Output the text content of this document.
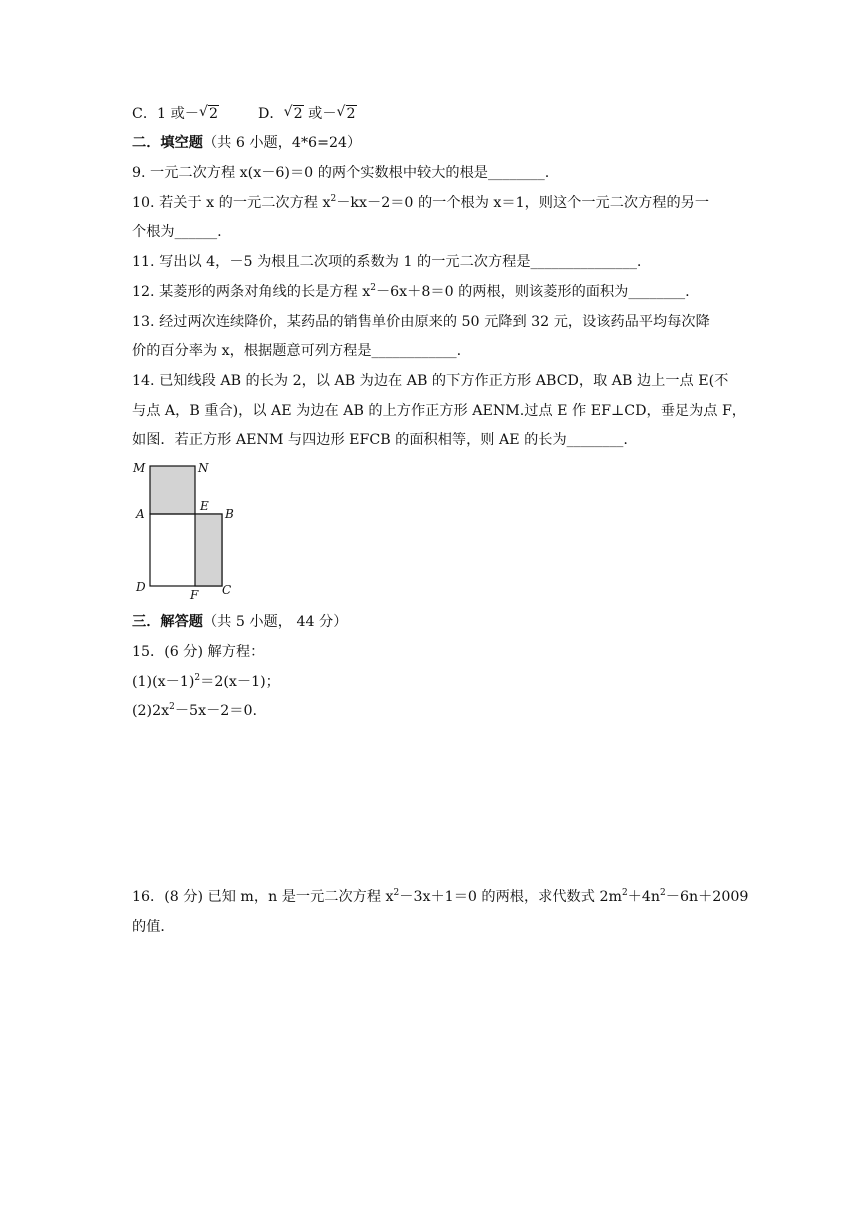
C．1 或－ √ 2	D． √ 2 或－ √ 2
二．填空题（共 6 小题，4*6=24）
9. 一元二次方程 x(x－6)＝0 的两个实数根中较大的根是________.
10. 若关于 x 的一元二次方程 $x^2-kx-2=0$ 的一个根为 x＝1，则这个一元二次方程的另一
个根为______.
11. 写出以 4，－5 为根且二次项的系数为 1 的一元二次方程是_______________.
12. 某菱形的两条对角线的长是方程 $x^2-6x+8=0$ 的两根，则该菱形的面积为________.
13. 经过两次连续降价，某药品的销售单价由原来的 50 元降到 32 元，设该药品平均每次降
价的百分率为 x，根据题意可列方程是____________.
14. 已知线段 AB 的长为 2，以 AB 为边在 AB 的下方作正方形 ABCD，取 AB 边上一点 E(不
与点 A，B 重合)，以 AE 为边在 AB 的上方作正方形 AENM.过点 E 作 EF⊥CD，垂足为点 F，
如图．若正方形 AENM 与四边形 EFCB 的面积相等，则 AE 的长为________.
M	N
A
E
B
D
F C
三．解答题（共 5 小题， 44 分）
15．(6 分) 解方程：
$(1)(x-1)^2=2(x-1)$；
$(2)2x^2-5x-2=0$.
16．(8 分) 已知 m，n 是一元二次方程 $x^2-3x+1=0$ 的两根，求代数式 $2m^2+4n^2-6n+2009$
的值．
